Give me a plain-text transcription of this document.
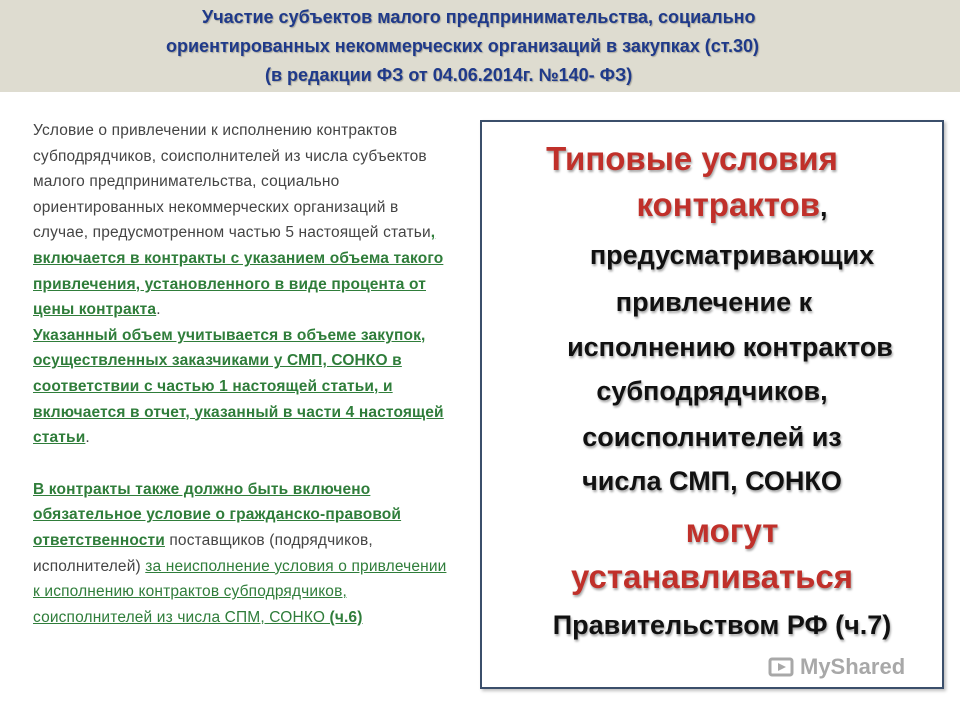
Участие субъектов малого предпринимательства, социально
ориентированных некоммерческих организаций в закупках (ст.30)
(в редакции ФЗ от 04.06.2014г. №140- ФЗ)

Условие о привлечении к исполнению контрактов субподрядчиков, соисполнителей из числа субъектов малого предпринимательства, социально ориентированных некоммерческих организаций в случае, предусмотренном частью 5 настоящей статьи, включается в контракты с указанием объема такого привлечения, установленного в виде процента от цены контракта.
Указанный объем учитывается в объеме закупок, осуществленных заказчиками у СМП, СОНКО в соответствии с частью 1 настоящей статьи, и включается в отчет, указанный в части 4 настоящей статьи.

В контракты также должно быть включено обязательное условие о гражданско-правовой ответственности поставщиков (подрядчиков, исполнителей) за неисполнение условия о привлечении к исполнению контрактов субподрядчиков, соисполнителей из числа СПМ, СОНКО (ч.6)

Типовые условия
контрактов,
предусматривающих
привлечение к
исполнению контрактов
субподрядчиков,
соисполнителей из
числа СМП, СОНКО
могут
устанавливаться
Правительством РФ (ч.7)
MyShared
